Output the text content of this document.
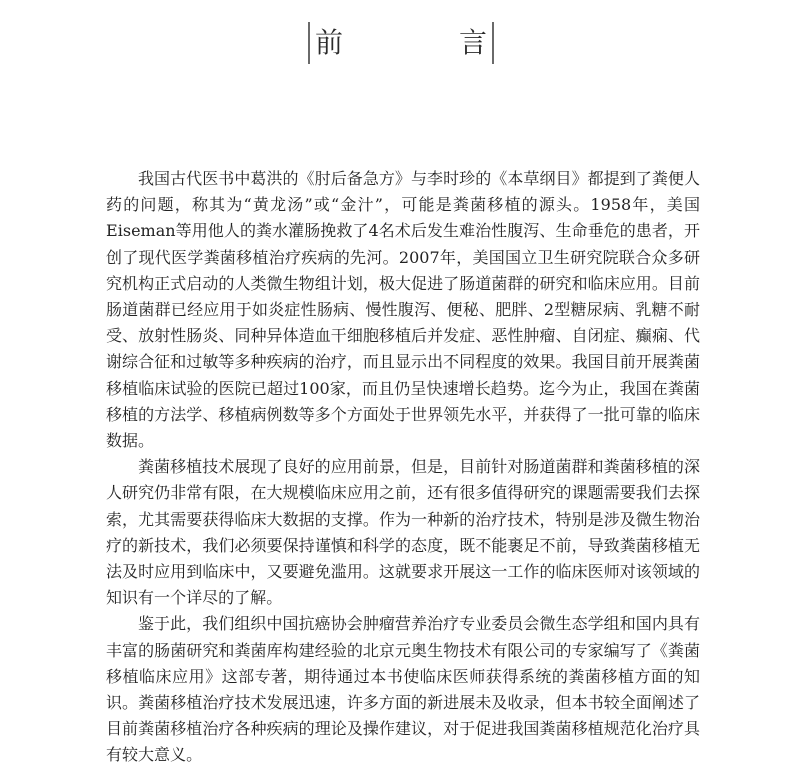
前　言

我国古代医书中葛洪的《肘后备急方》与李时珍的《本草纲目》都提到了粪便人药的问题，称其为“黄龙汤”或“金汁”，可能是粪菌移植的源头。1958年，美国Eiseman等用他人的粪水灌肠挽救了4名术后发生难治性腹泻、生命垂危的患者，开创了现代医学粪菌移植治疗疾病的先河。2007年，美国国立卫生研究院联合众多研究机构正式启动的人类微生物组计划，极大促进了肠道菌群的研究和临床应用。目前肠道菌群已经应用于如炎症性肠病、慢性腹泻、便秘、肥胖、2型糖尿病、乳糖不耐受、放射性肠炎、同种异体造血干细胞移植后并发症、恶性肿瘤、自闭症、癫痫、代谢综合征和过敏等多种疾病的治疗，而且显示出不同程度的效果。我国目前开展粪菌移植临床试验的医院已超过100家，而且仍呈快速增长趋势。迄今为止，我国在粪菌移植的方法学、移植病例数等多个方面处于世界领先水平，并获得了一批可靠的临床数据。

粪菌移植技术展现了良好的应用前景，但是，目前针对肠道菌群和粪菌移植的深人研究仍非常有限，在大规模临床应用之前，还有很多值得研究的课题需要我们去探索，尤其需要获得临床大数据的支撑。作为一种新的治疗技术，特别是涉及微生物治疗的新技术，我们必须要保持谨慎和科学的态度，既不能裹足不前，导致粪菌移植无法及时应用到临床中，又要避免滥用。这就要求开展这一工作的临床医师对该领域的知识有一个详尽的了解。

鉴于此，我们组织中国抗癌协会肿瘤营养治疗专业委员会微生态学组和国内具有丰富的肠菌研究和粪菌库构建经验的北京元奥生物技术有限公司的专家编写了《粪菌移植临床应用》这部专著，期待通过本书使临床医师获得系统的粪菌移植方面的知识。粪菌移植治疗技术发展迅速，许多方面的新进展未及收录，但本书较全面阐述了目前粪菌移植治疗各种疾病的理论及操作建议，对于促进我国粪菌移植规范化治疗具有较大意义。
